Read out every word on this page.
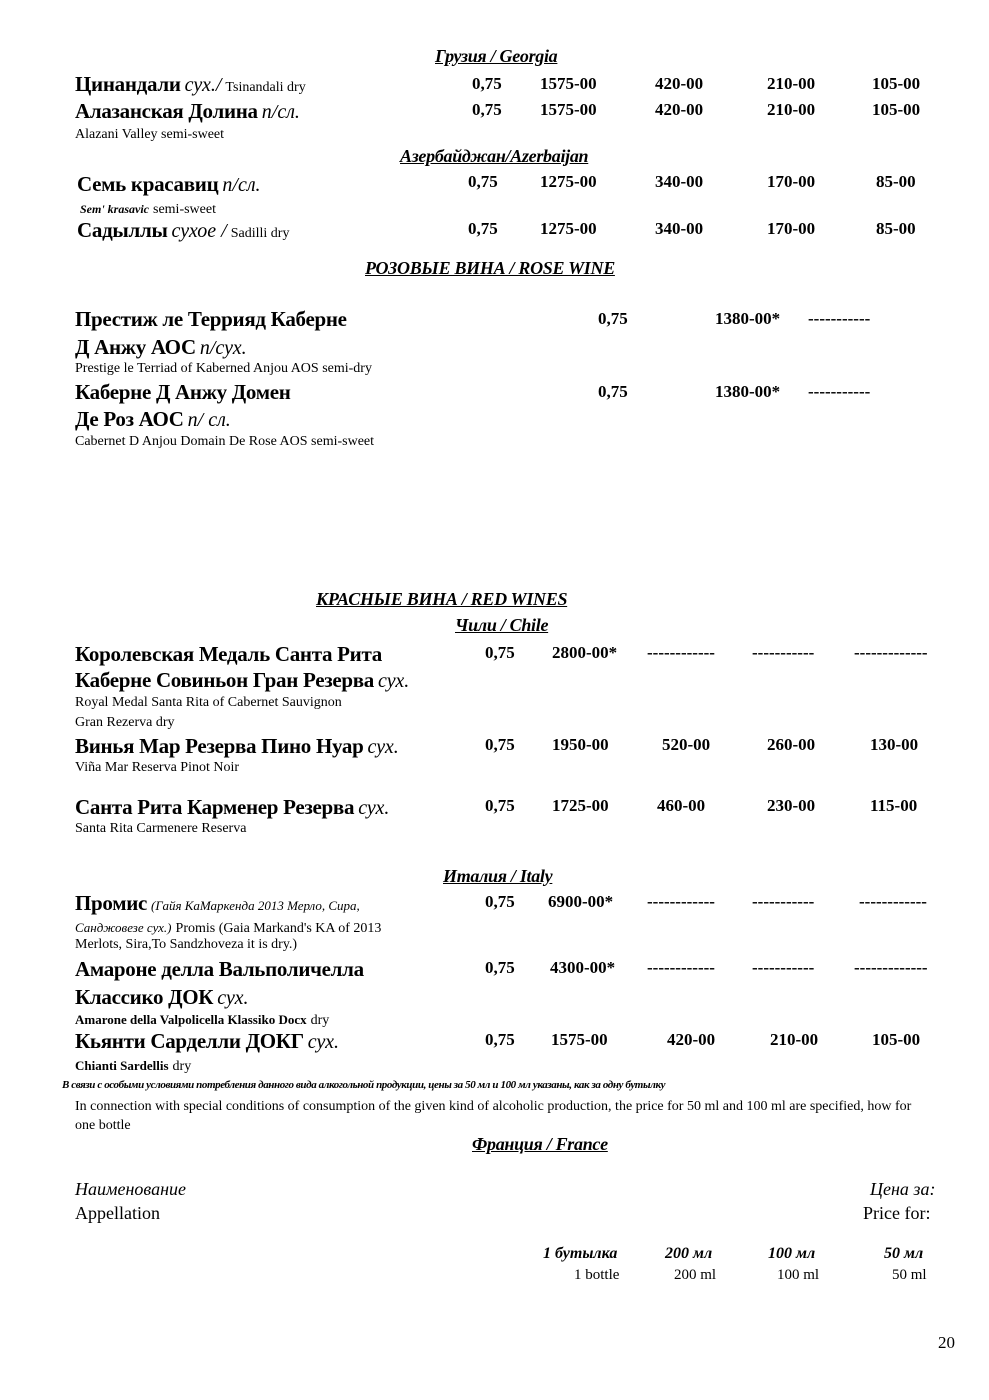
Грузия / Georgia
Цинандали сух./ Tsinandali dry	0,75 1575-00	420-00	210-00	105-00
Алазанская Долина п/сл.
Alazani Valley semi-sweet
0,75 1575-00	420-00	210-00	105-00
Азербайджан/Azerbaijan
Семь красавиц п/сл.
Sem' krasavic semi-sweet
0,75 1275-00	340-00	170-00	85-00
Садыллы сухое / Sadilli dry	0,75 1275-00	340-00	170-00	85-00
РОЗОВЫЕ ВИНА / ROSE WINE
Престиж ле Террияд Каберне
Д Анжу АОС п/сух.
Prestige le Terriad of Kaberned Anjou AOS semi-dry
0,75	1380-00* -----------
Каберне Д Анжу Домен
Де Роз АОС п/ сл.
Cabernet D Anjou Domain De Rose AOS semi-sweet
0,75	1380-00* -----------
КРАСНЫЕ ВИНА / RED WINES
Чили / Chile
Королевская Медаль Санта Рита
Каберне Совиньон Гран Резерва сух.
Royal Medal Santa Rita of Cabernet Sauvignon
Gran Rezerva dry
0,75 2800-00* ------------ ----------- -------------
Винья Мар Резерва Пино Нуар сух.
Viña Mar Reserva Pinot Noir
0,75 1950-00	520-00	260-00	130-00
Санта Рита Карменер Резерва сух.
Santa Rita Carmenere Reserva
0,75 1725-00	460-00	230-00	115-00
Италия / Italy
Промис (Гайя КаМаркенда 2013 Мерло, Сира,
Санджовезе сух.) Promis (Gaia Markand's KA of 2013
Merlots, Sira,To Sandzhoveza it is dry.)
0,75 6900-00* ------------ -----------	------------
Амароне делла Вальполичелла
Классико ДОК сух.
Amarone della Valpolicella Klassiko Docx dry
0,75 4300-00* ------------ ----------- -------------
Кьянти Сарделли ДОКГ сух.
Chianti Sardellis dry
0,75 1575-00	420-00	210-00	105-00
В связи с особыми условиями потребления данного вида алкогольной продукции, цены за 50 мл и 100 мл указаны, как за одну бутылку
In connection with special conditions of consumption of the given kind of alcoholic production, the price for 50 ml and 100 ml are specified, how for one bottle
Франция / France
Наименование
Appellation
Цена за:
Price for:
1 бутылка
1 bottle
200 мл
200 ml
100 мл
100 ml
50 мл
50 ml
20
